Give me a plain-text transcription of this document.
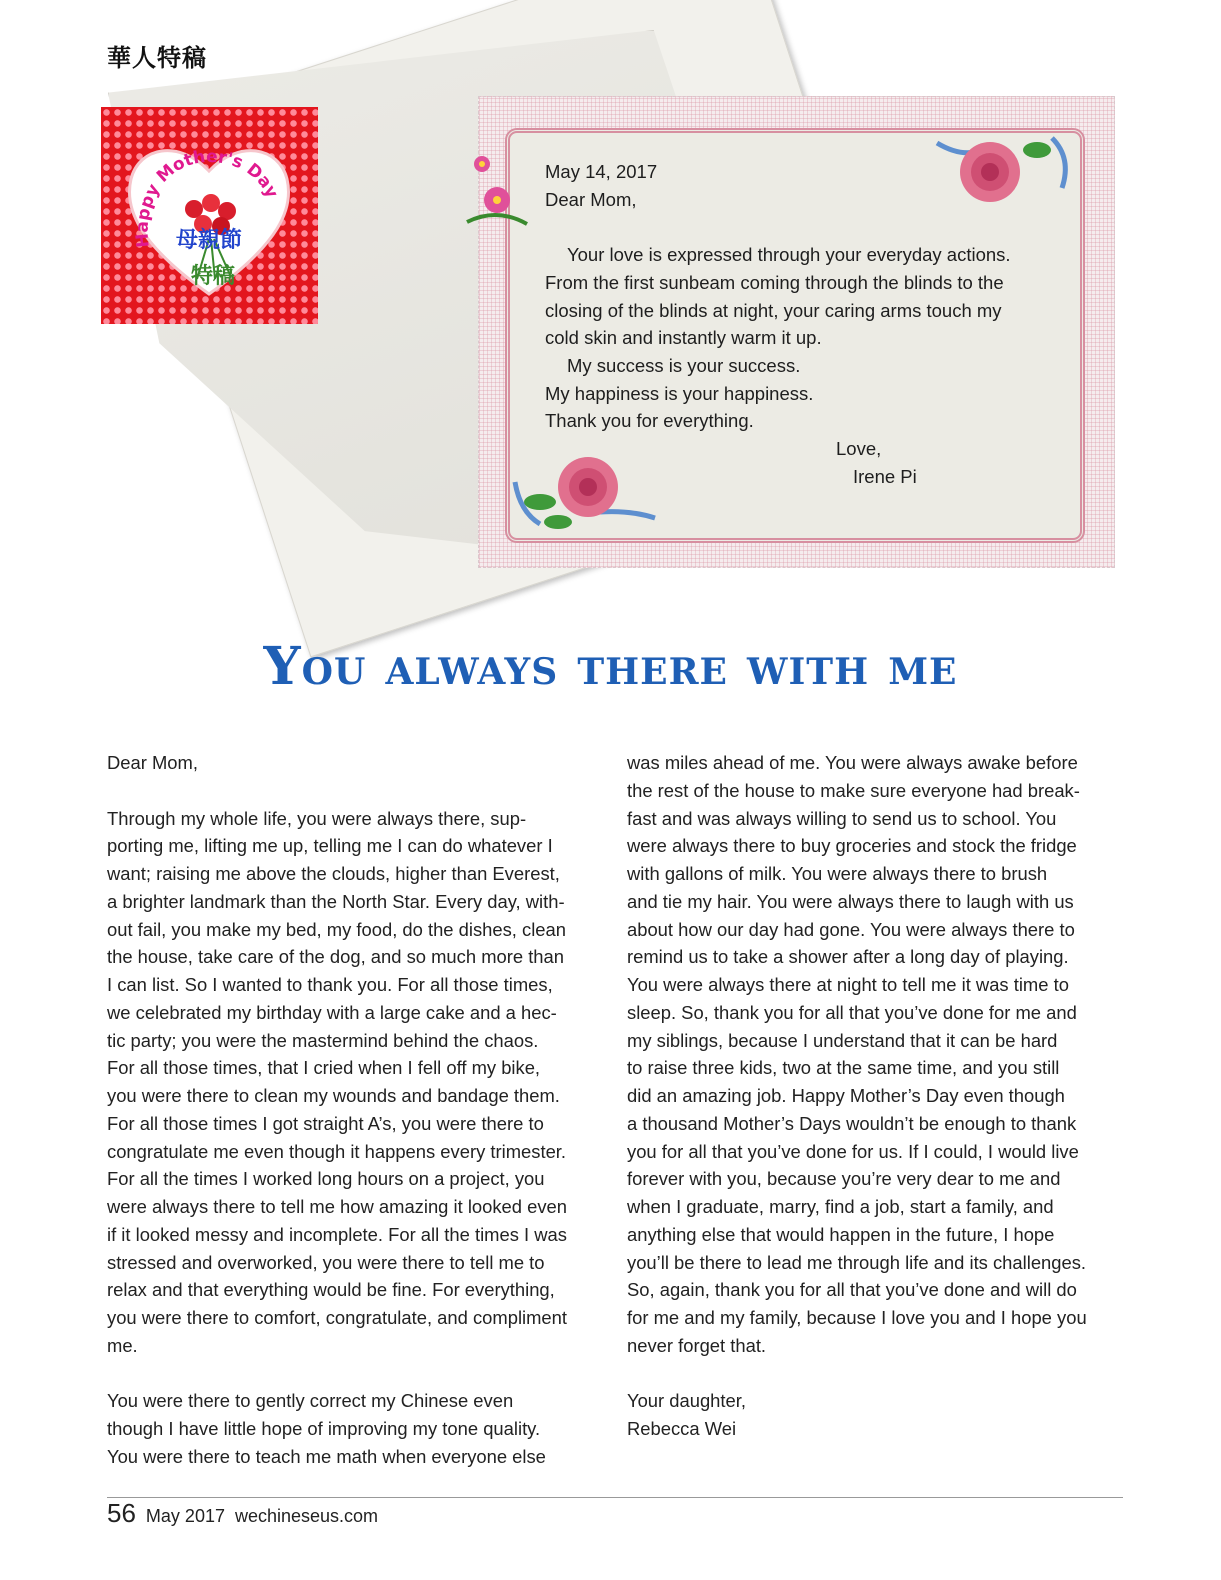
華人特稿
Happy Mother's Day
母親節
特稿

May 14, 2017

Dear Mom,

Your love is expressed through your everyday actions.

From the first sunbeam coming through the blinds to the

closing of the blinds at night, your caring arms touch my

cold skin and instantly warm it up.

My success is your success.

My happiness is your happiness.

Thank you for everything.

Love,

Irene Pi

You always there with me

Dear Mom,

Through my whole life, you were always there, sup-

porting me, lifting me up, telling me I can do whatever I

want; raising me above the clouds, higher than Everest,

a brighter landmark than the North Star. Every day, with-

out fail, you make my bed, my food, do the dishes, clean

the house, take care of the dog, and so much more than

I can list. So I wanted to thank you. For all those times,

we celebrated my birthday with a large cake and a hec-

tic party; you were the mastermind behind the chaos.

For all those times, that I cried when I fell off my bike,

you were there to clean my wounds and bandage them.

For all those times I got straight A’s, you were there to

congratulate me even though it happens every trimester.

For all the times I worked long hours on a project, you

were always there to tell me how amazing it looked even

if it looked messy and incomplete. For all the times I was

stressed and overworked, you were there to tell me to

relax and that everything would be fine. For everything,

you were there to comfort, congratulate, and compliment

me.

You were there to gently correct my Chinese even

though I have little hope of improving my tone quality.

You were there to teach me math when everyone else

was miles ahead of me. You were always awake before

the rest of the house to make sure everyone had break-

fast and was always willing to send us to school. You

were always there to buy groceries and stock the fridge

with gallons of milk. You were always there to brush

and tie my hair. You were always there to laugh with us

about how our day had gone. You were always there to

remind us to take a shower after a long day of playing.

You were always there at night to tell me it was time to

sleep. So, thank you for all that you’ve done for me and

my siblings, because I understand that it can be hard

to raise three kids, two at the same time, and you still

did an amazing job. Happy Mother’s Day even though

a thousand Mother’s Days wouldn’t be enough to thank

you for all that you’ve done for us. If I could, I would live

forever with you, because you’re very dear to me and

when I graduate, marry, find a job, start a family, and

anything else that would happen in the future, I hope

you’ll be there to lead me through life and its challenges.

So, again, thank you for all that you’ve done and will do

for me and my family, because I love you and I hope you

never forget that.

Your daughter,

Rebecca Wei

56 May 2017 wechineseus.com
